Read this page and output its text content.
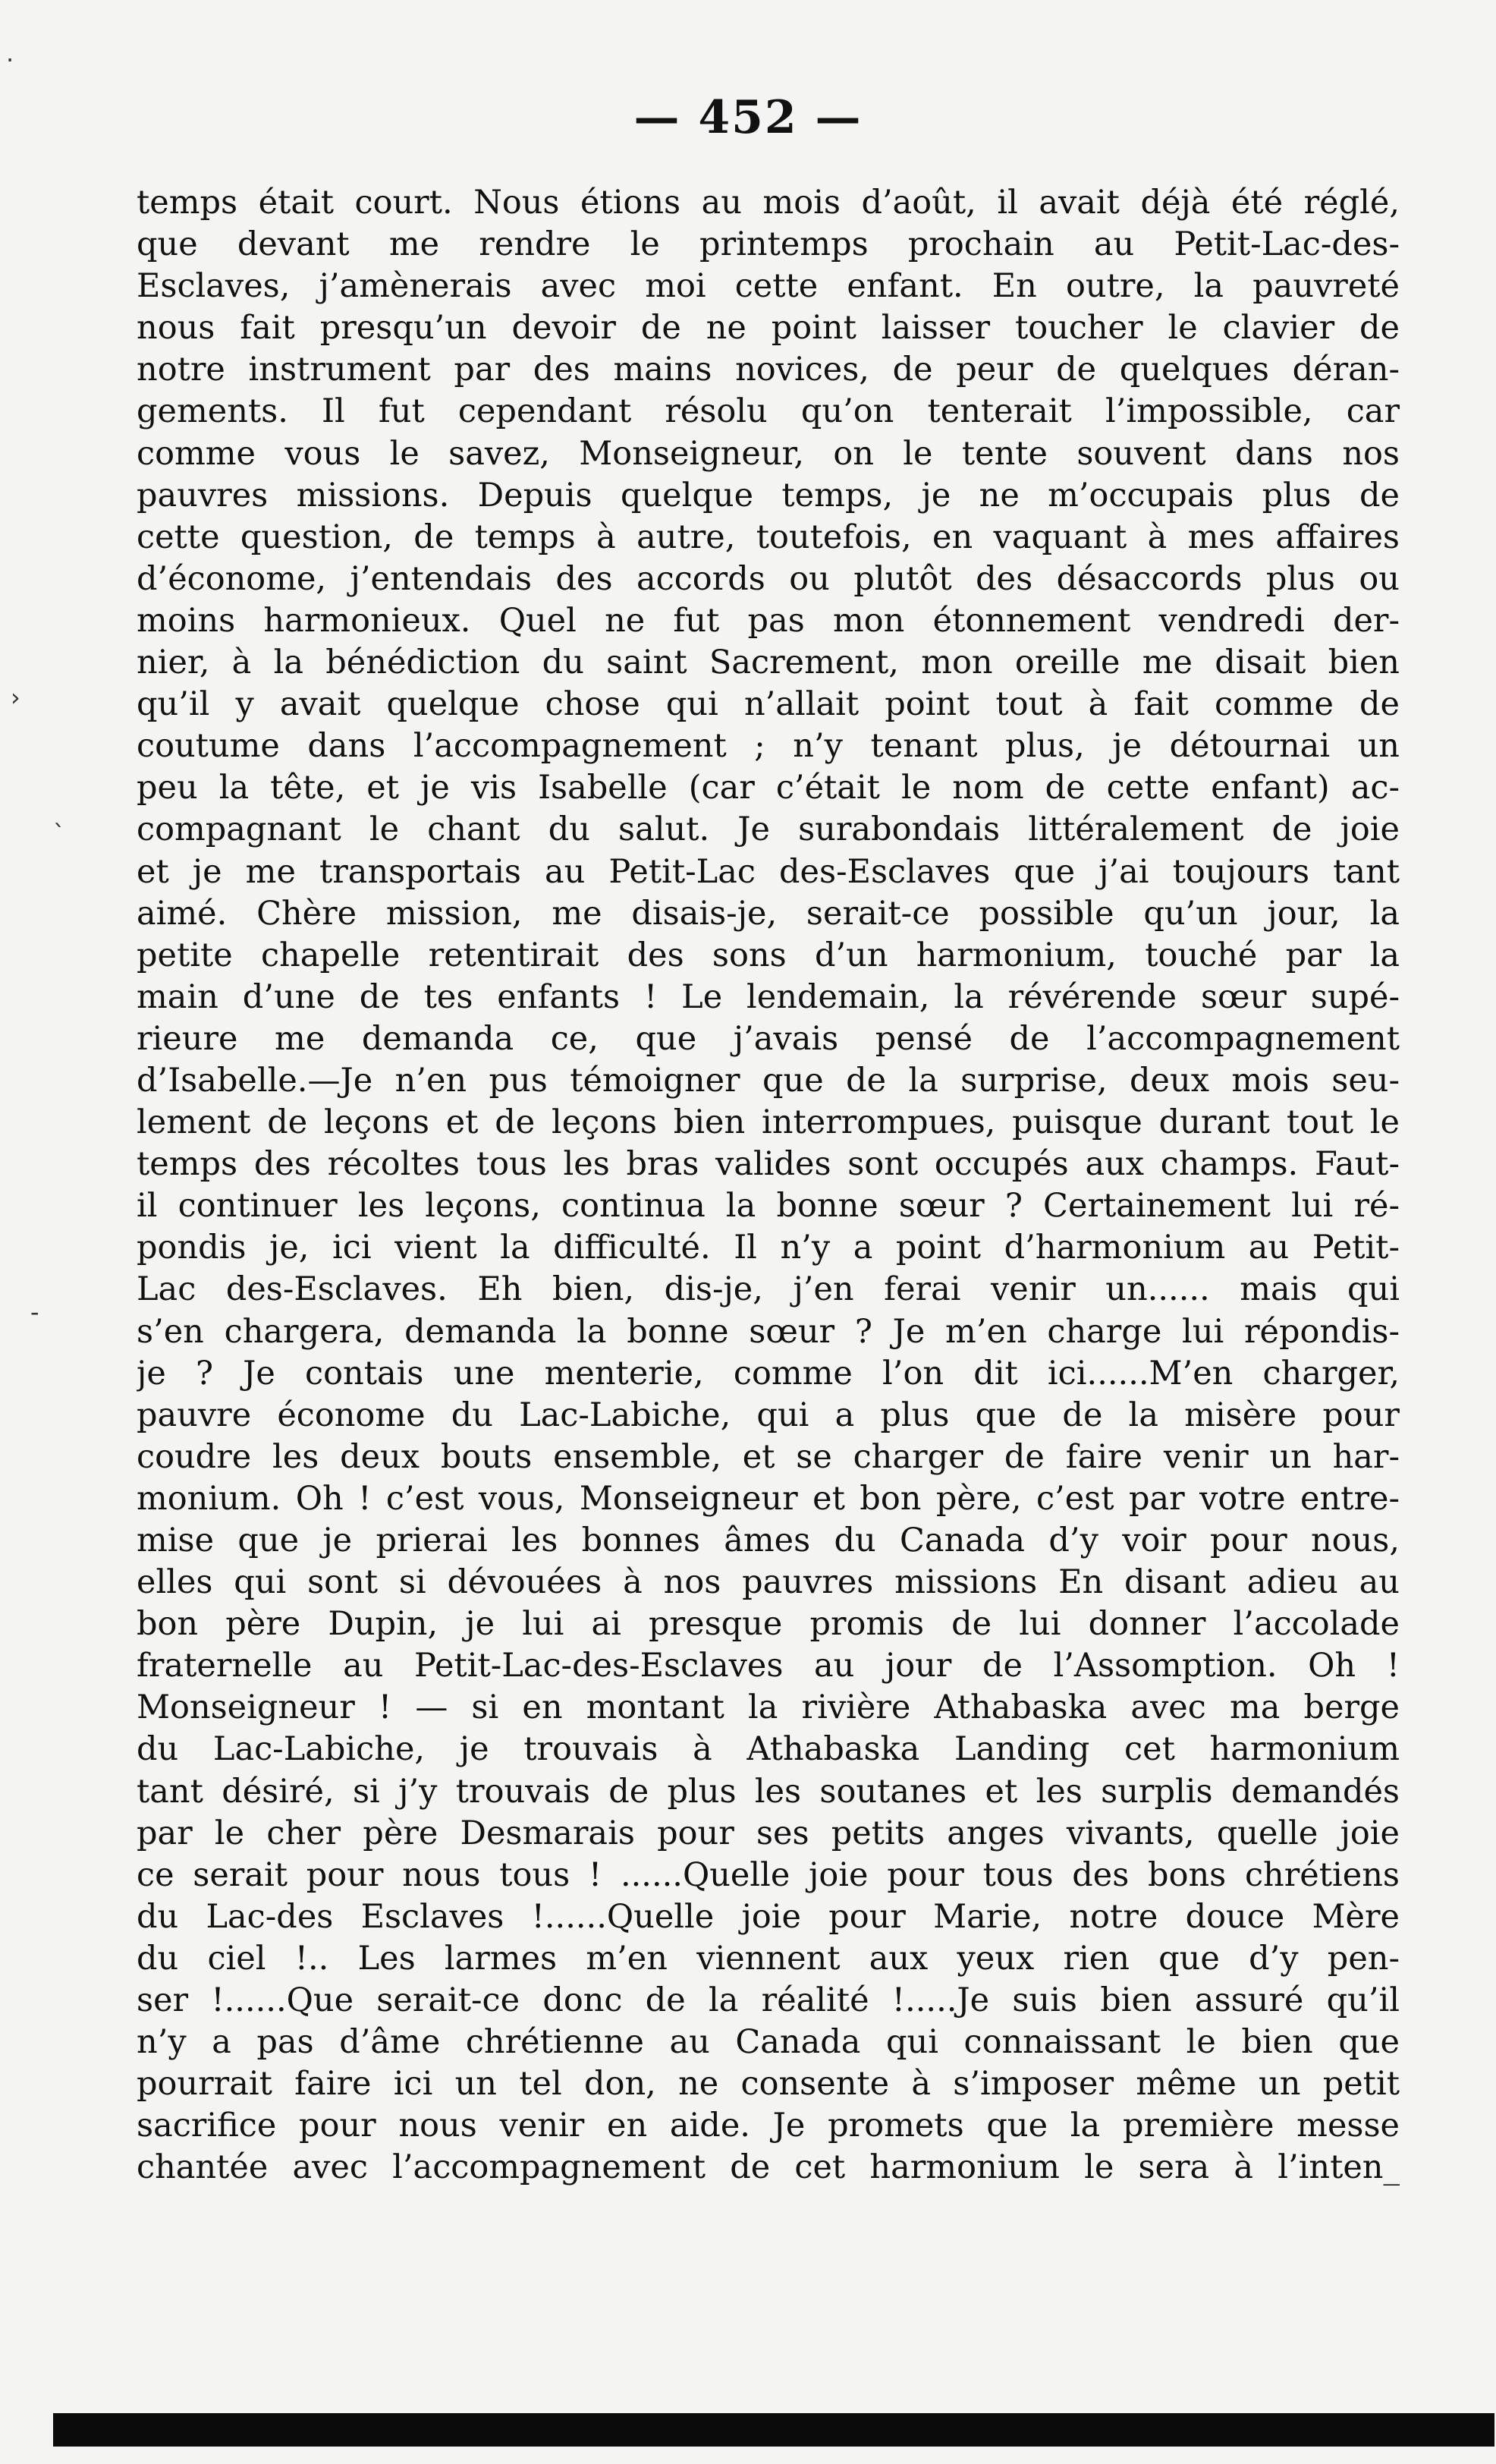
— 452 —
temps était court. Nous étions au mois d’août, il avait déjà été réglé,
que devant me rendre le printemps prochain au Petit-Lac-des-
Esclaves, j’amènerais avec moi cette enfant. En outre, la pauvreté
nous fait presqu’un devoir de ne point laisser toucher le clavier de
notre instrument par des mains novices, de peur de quelques déran-
gements. Il fut cependant résolu qu’on tenterait l’impossible, car
comme vous le savez, Monseigneur, on le tente souvent dans nos
pauvres missions. Depuis quelque temps, je ne m’occupais plus de
cette question, de temps à autre, toutefois, en vaquant à mes affaires
d’économe, j’entendais des accords ou plutôt des désaccords plus ou
moins harmonieux. Quel ne fut pas mon étonnement vendredi der-
nier, à la bénédiction du saint Sacrement, mon oreille me disait bien
qu’il y avait quelque chose qui n’allait point tout à fait comme de
coutume dans l’accompagnement ; n’y tenant plus, je détournai un
peu la tête, et je vis Isabelle (car c’était le nom de cette enfant) ac-
compagnant le chant du salut. Je surabondais littéralement de joie
et je me transportais au Petit-Lac des-Esclaves que j’ai toujours tant
aimé. Chère mission, me disais-je, serait-ce possible qu’un jour, la
petite chapelle retentirait des sons d’un harmonium, touché par la
main d’une de tes enfants ! Le lendemain, la révérende sœur supé-
rieure me demanda ce, que j’avais pensé de l’accompagnement
d’Isabelle.—Je n’en pus témoigner que de la surprise, deux mois seu-
lement de leçons et de leçons bien interrompues, puisque durant tout le
temps des récoltes tous les bras valides sont occupés aux champs. Faut-
il continuer les leçons, continua la bonne sœur ? Certainement lui ré-
pondis je, ici vient la difficulté. Il n’y a point d’harmonium au Petit-
Lac des-Esclaves. Eh bien, dis-je, j’en ferai venir un...... mais qui
s’en chargera, demanda la bonne sœur ? Je m’en charge lui répondis-
je ? Je contais une menterie, comme l’on dit ici......M’en charger,
pauvre économe du Lac-Labiche, qui a plus que de la misère pour
coudre les deux bouts ensemble, et se charger de faire venir un har-
monium. Oh ! c’est vous, Monseigneur et bon père, c’est par votre entre-
mise que je prierai les bonnes âmes du Canada d’y voir pour nous,
elles qui sont si dévouées à nos pauvres missions En disant adieu au
bon père Dupin, je lui ai presque promis de lui donner l’accolade
fraternelle au Petit-Lac-des-Esclaves au jour de l’Assomption. Oh !
Monseigneur ! — si en montant la rivière Athabaska avec ma berge
du Lac-Labiche, je trouvais à Athabaska Landing cet harmonium
tant désiré, si j’y trouvais de plus les soutanes et les surplis demandés
par le cher père Desmarais pour ses petits anges vivants, quelle joie
ce serait pour nous tous ! ......Quelle joie pour tous des bons chrétiens
du Lac-des Esclaves !......Quelle joie pour Marie, notre douce Mère
du ciel !.. Les larmes m’en viennent aux yeux rien que d’y pen-
ser !......Que serait-ce donc de la réalité !.....Je suis bien assuré qu’il
n’y a pas d’âme chrétienne au Canada qui connaissant le bien que
pourrait faire ici un tel don, ne consente à s’imposer même un petit
sacrifice pour nous venir en aide. Je promets que la première messe
chantée avec l’accompagnement de cet harmonium le sera à l’inten_
·
›
`
-
